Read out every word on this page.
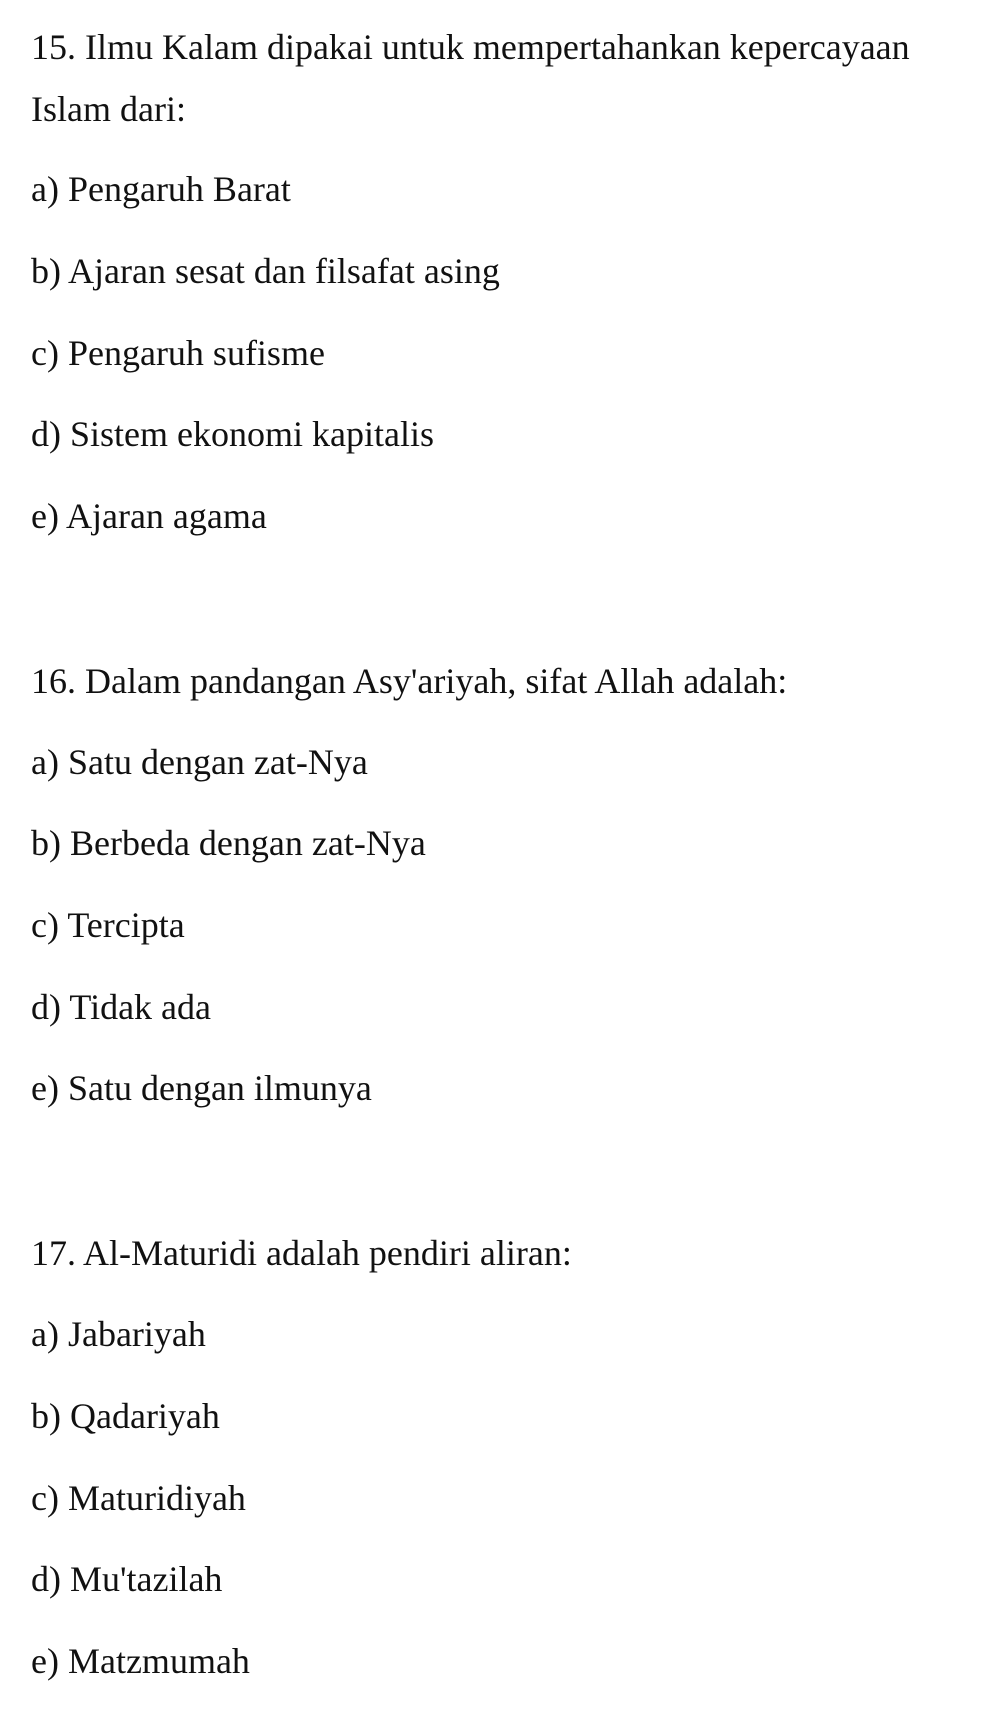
15. Ilmu Kalam dipakai untuk mempertahankan kepercayaan

Islam dari:

a) Pengaruh Barat

b) Ajaran sesat dan filsafat asing

c) Pengaruh sufisme

d) Sistem ekonomi kapitalis

e) Ajaran agama

16. Dalam pandangan Asy'ariyah, sifat Allah adalah:

a) Satu dengan zat-Nya

b) Berbeda dengan zat-Nya

c) Tercipta

d) Tidak ada

e) Satu dengan ilmunya

17. Al-Maturidi adalah pendiri aliran:

a) Jabariyah

b) Qadariyah

c) Maturidiyah

d) Mu'tazilah

e) Matzmumah
